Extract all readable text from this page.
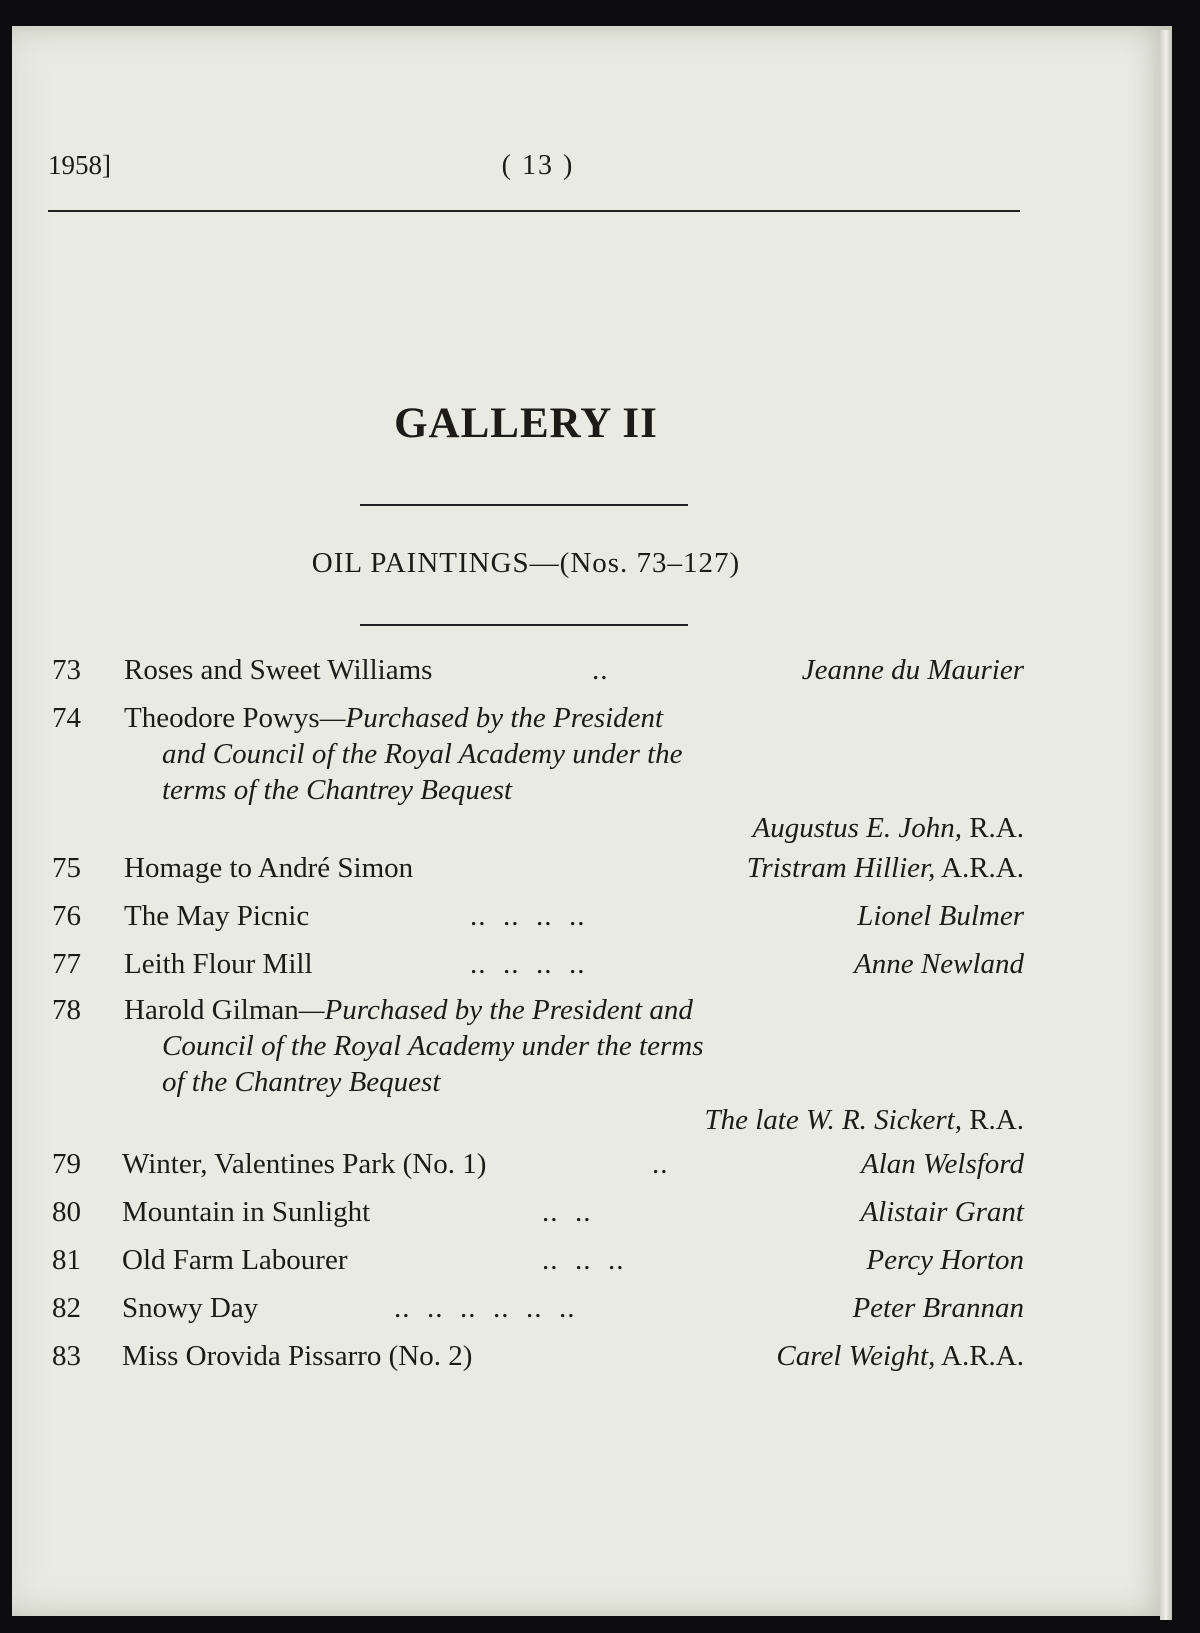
1958]	( 13 )
GALLERY II
OIL PAINTINGS—(Nos. 73–127)
73 Roses and Sweet Williams	..	Jeanne du Maurier
74 Theodore Powys—Purchased by the President
and Council of the Royal Academy under the
terms of the Chantrey Bequest
Augustus E. John, R.A.
75 Homage to André Simon	Tristram Hillier, A.R.A.
76 The May Picnic	..  ..  ..  ..	Lionel Bulmer
77 Leith Flour Mill	..  ..  ..  ..	Anne Newland
78 Harold Gilman—Purchased by the President and
Council of the Royal Academy under the terms
of the Chantrey Bequest
The late W. R. Sickert, R.A.
79 Winter, Valentines Park (No. 1)	..	Alan Welsford
80 Mountain in Sunlight	..  ..	Alistair Grant
81 Old Farm Labourer	..  ..  ..	Percy Horton
82 Snowy Day	..  ..  ..  ..  ..  ..	Peter Brannan
83 Miss Orovida Pissarro (No. 2)	Carel Weight, A.R.A.
